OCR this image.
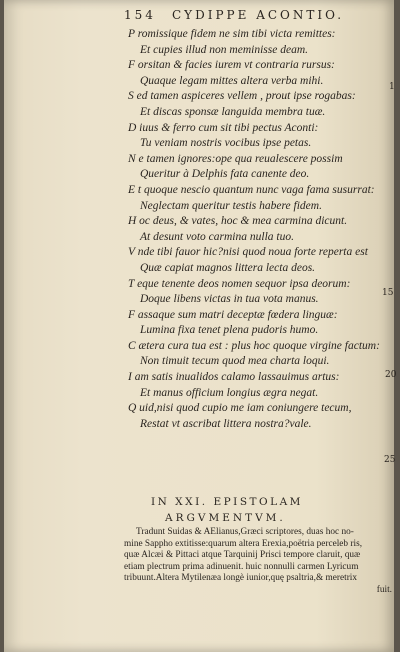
154 CYDIPPE ACONTIO.
P romissique fidem ne sim tibi victa remittes:
Et cupies illud non meminisse deam.
F orsitan & facies iurem vt contraria rursus:
Quaque legam mittes altera verba mihi.
S ed tamen aspiceres vellem , prout ipse rogabas:
Et discas sponsæ languida membra tuæ.
D iuus & ferro cum sit tibi pectus Aconti:
Tu veniam nostris vocibus ipse petas.
N e tamen ignores:ope qua reualescere possim
Queritur à Delphis fata canente deo.
E t quoque nescio quantum nunc vaga fama susurrat:
Neglectam queritur testis habere fidem.
H oc deus, & vates, hoc & mea carmina dicunt.
At desunt voto carmina nulla tuo.
V nde tibi fauor hic?nisi quod noua forte reperta est
Quæ capiat magnos littera lecta deos.
T eque tenente deos nomen sequor ipsa deorum:
Doque libens victas in tua vota manus.
F assaque sum matri deceptæ fœdera linguæ:
Lumina fixa tenet plena pudoris humo.
C ætera cura tua est : plus hoc quoque virgine factum:
Non timuit tecum quod mea charta loqui.
I am satis inualidos calamo lassauimus artus:
Et manus officium longius ægra negat.
Q uid,nisi quod cupio me iam coniungere tecum,
Restat vt ascribat littera nostra?vale.
1
15
20
25
IN XXI. EPISTOLAM
ARGVMENTVM.
Tradunt Suidas & AElianus,Græci scriptores, duas hoc no-
mine Sappho extitisse:quarum altera Erexia,poëtria perceleb ris,
quæ Alcæi & Pittaci atque Tarquinij Prisci tempore claruit, quæ
etiam plectrum prima adinuenit. huic nonnulli carmen Lyricum
tribuunt.Altera Mytilenæa longè iunior,quę psaltria,& meretrix
fuit.
